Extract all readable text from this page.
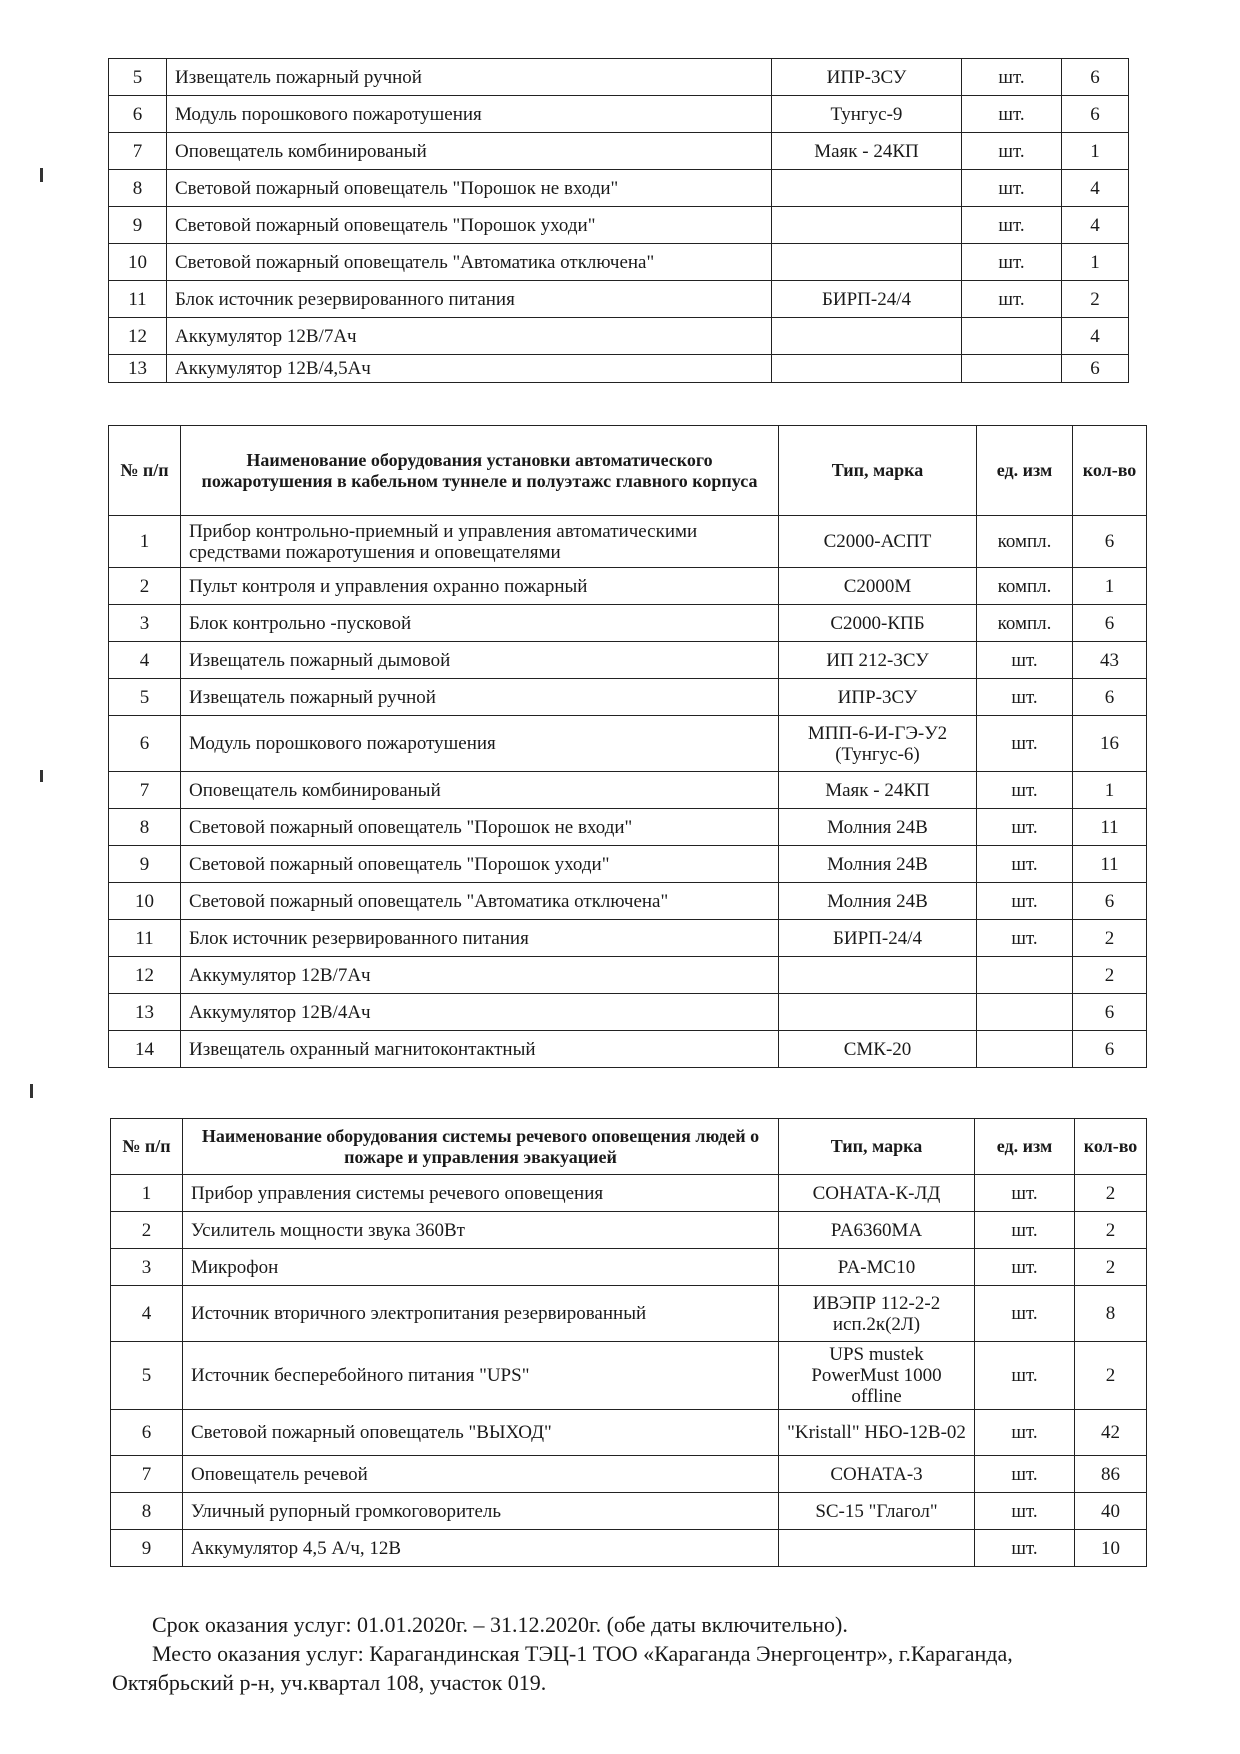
5	Извещатель пожарный ручной	ИПР-3СУ	шт.	6
6	Модуль порошкового пожаротушения	Тунгус-9	шт.	6
7	Оповещатель комбинированый	Маяк - 24КП	шт.	1
8	Световой пожарный оповещатель "Порошок не входи"		шт.	4
9	Световой пожарный оповещатель "Порошок уходи"		шт.	4
10	Световой пожарный оповещатель "Автоматика отключена"		шт.	1
11	Блок источник резервированного питания	БИРП-24/4	шт.	2
12	Аккумулятор 12В/7Ач			4
13	Аккумулятор 12В/4,5Ач			6
№ п/п	Наименование оборудования установки автоматического пожаротушения в кабельном туннеле и полуэтажс главного корпуса	Тип, марка	ед. изм	кол-во
1	Прибор контрольно-приемный и управления автоматическими средствами пожаротушения и оповещателями	С2000-АСПТ	компл.	6
2	Пульт контроля и управления охранно пожарный	С2000М	компл.	1
3	Блок контрольно -пусковой	С2000-КПБ	компл.	6
4	Извещатель пожарный дымовой	ИП 212-3СУ	шт.	43
5	Извещатель пожарный ручной	ИПР-3СУ	шт.	6
6	Модуль порошкового пожаротушения	МПП-6-И-ГЭ-У2 (Тунгус-6)	шт.	16
7	Оповещатель комбинированый	Маяк - 24КП	шт.	1
8	Световой пожарный оповещатель "Порошок не входи"	Молния 24В	шт.	11
9	Световой пожарный оповещатель "Порошок уходи"	Молния 24В	шт.	11
10	Световой пожарный оповещатель "Автоматика отключена"	Молния 24В	шт.	6
11	Блок источник резервированного питания	БИРП-24/4	шт.	2
12	Аккумулятор 12В/7Ач			2
13	Аккумулятор 12В/4Ач			6
14	Извещатель охранный магнитоконтактный	СМК-20		6
№ п/п	Наименование оборудования системы речевого оповещения людей о пожаре и управления эвакуацией	Тип, марка	ед. изм	кол-во
1	Прибор управления системы речевого оповещения	СОНАТА-К-ЛД	шт.	2
2	Усилитель мощности звука 360Вт	PA6360MA	шт.	2
3	Микрофон	PA-MC10	шт.	2
4	Источник вторичного электропитания резервированный	ИВЭПР 112-2-2 исп.2к(2Л)	шт.	8
5	Источник бесперебойного питания "UPS"	UPS mustek PowerMust 1000 offline	шт.	2
6	Световой пожарный оповещатель "ВЫХОД"	"Kristall" НБО-12В-02	шт.	42
7	Оповещатель речевой	СОНАТА-3	шт.	86
8	Уличный рупорный громкоговоритель	SC-15 "Глагол"	шт.	40
9	Аккумулятор 4,5 А/ч, 12В		шт.	10

Срок оказания услуг: 01.01.2020г. – 31.12.2020г. (обе даты включительно).

Место оказания услуг: Карагандинская ТЭЦ-1 ТОО «Караганда Энергоцентр», г.Караганда,

Октябрьский р-н, уч.квартал 108, участок 019.
